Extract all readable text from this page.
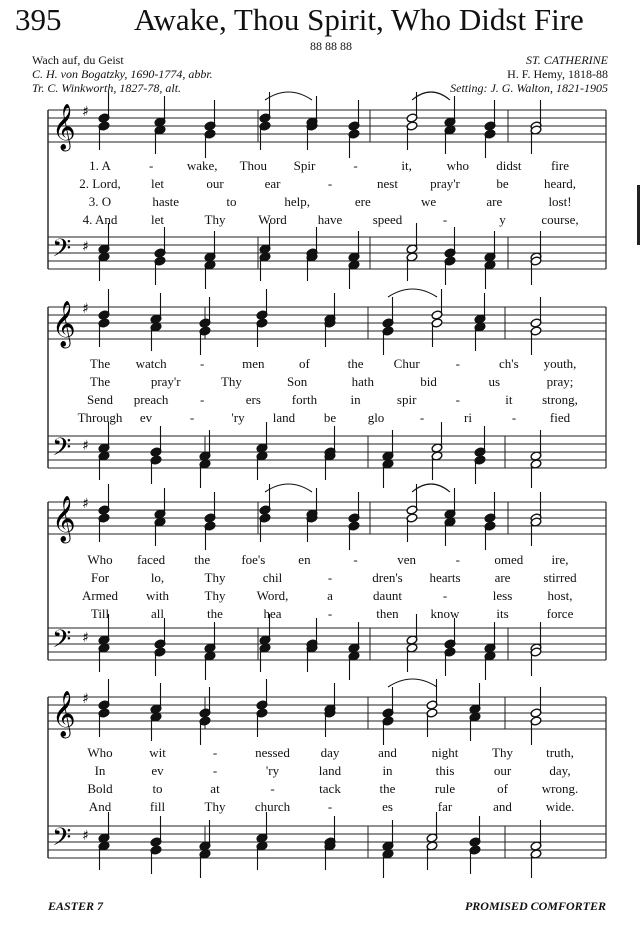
395 Awake, Thou Spirit, Who Didst Fire
88 88 88
Wach auf, du Geist
C. H. von Bogatzky, 1690-1774, abbr.
Tr. C. Winkworth, 1827-78, alt.
ST. CATHERINE
H. F. Hemy, 1818-88
Setting: J. G. Walton, 1821-1905
𝄞
𝄢
♯
♯
𝄞
𝄢
♯
♯
𝄞
𝄢
♯
♯
𝄞
𝄢
♯
♯
1. A	-	wake, Thou Spir	-	it,	who didst fire
2. Lord, let	our	ear	-	nest pray'r	be	heard,
3. O	haste	to	help,	ere	we	are	lost!
4. And	let	Thy	Word have speed	-	y	course,
The watch	-	men	of	the Chur	-	ch's youth,
The	pray'r	Thy	Son	hath	bid	us	pray;
Send preach -	ers forth	in	spir	-	it strong,
Through ev	-	'ry land be glo	-	ri	-	fied
Who faced the foe's	en	-	ven	-	omed ire,
For	lo,	Thy	chil	-	dren's hearts	are	stirred
Armed with	Thy Word,	a	daunt	-	less	host,
Till	all	the	hea	-	then know	its	force
Who	wit	-	nessed day	and	night	Thy	truth,
In	ev	-	'ry	land	in	this	our	day,
Bold	to	at	-	tack	the	rule	of	wrong.
And	fill	Thy church	-	es	far	and	wide.
EASTER 7	PROMISED COMFORTER
